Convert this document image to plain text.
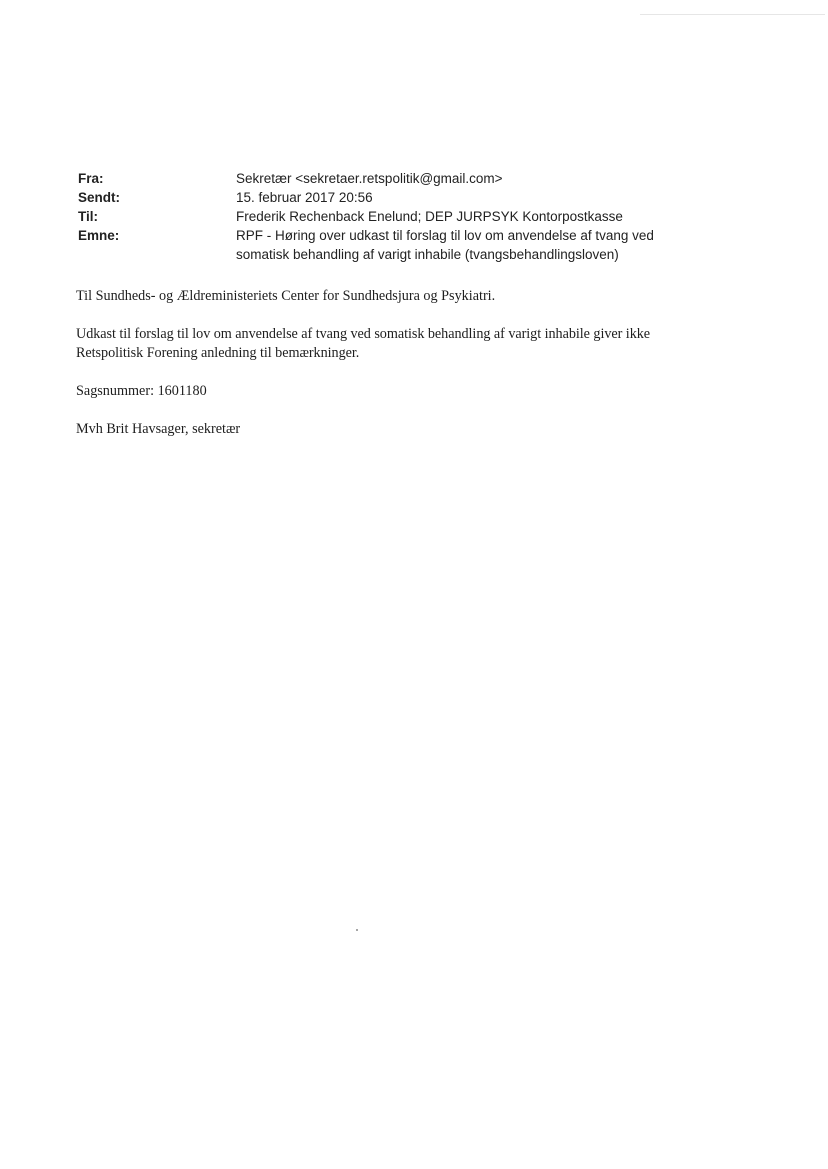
Fra:	Sekretær <sekretaer.retspolitik@gmail.com>
Sendt:	15. februar 2017 20:56
Til:	Frederik Rechenback Enelund; DEP JURPSYK Kontorpostkasse
Emne:	RPF - Høring over udkast til forslag til lov om anvendelse af tvang ved
somatisk behandling af varigt inhabile (tvangsbehandlingsloven)

Til Sundheds- og Ældreministeriets Center for Sundhedsjura og Psykiatri.

Udkast til forslag til lov om anvendelse af tvang ved somatisk behandling af varigt inhabile giver ikke
Retspolitisk Forening anledning til bemærkninger.

Sagsnummer: 1601180

Mvh Brit Havsager, sekretær
